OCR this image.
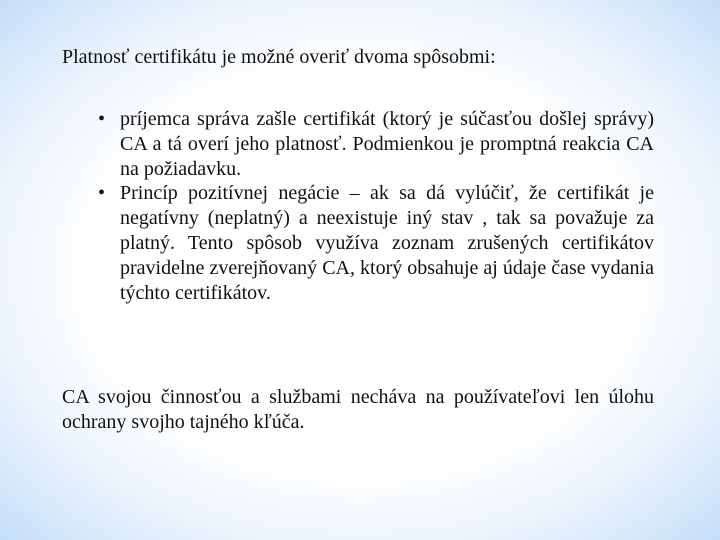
Platnosť certifikátu je možné overiť dvoma spôsobmi:

• príjemca správa zašle certifikát (ktorý je súčasťou došlej správy) CA a tá overí jeho platnosť. Podmienkou je promptná reakcia CA na požiadavku.
• Princíp pozitívnej negácie – ak sa dá vylúčiť, že certifikát je negatívny (neplatný) a neexistuje iný stav , tak sa považuje za platný. Tento spôsob využíva zoznam zrušených certifikátov pravidelne zverejňovaný CA, ktorý obsahuje aj údaje čase vydania týchto certifikátov.

CA svojou činnosťou a službami necháva na používateľovi len úlohu ochrany svojho tajného kľúča.
